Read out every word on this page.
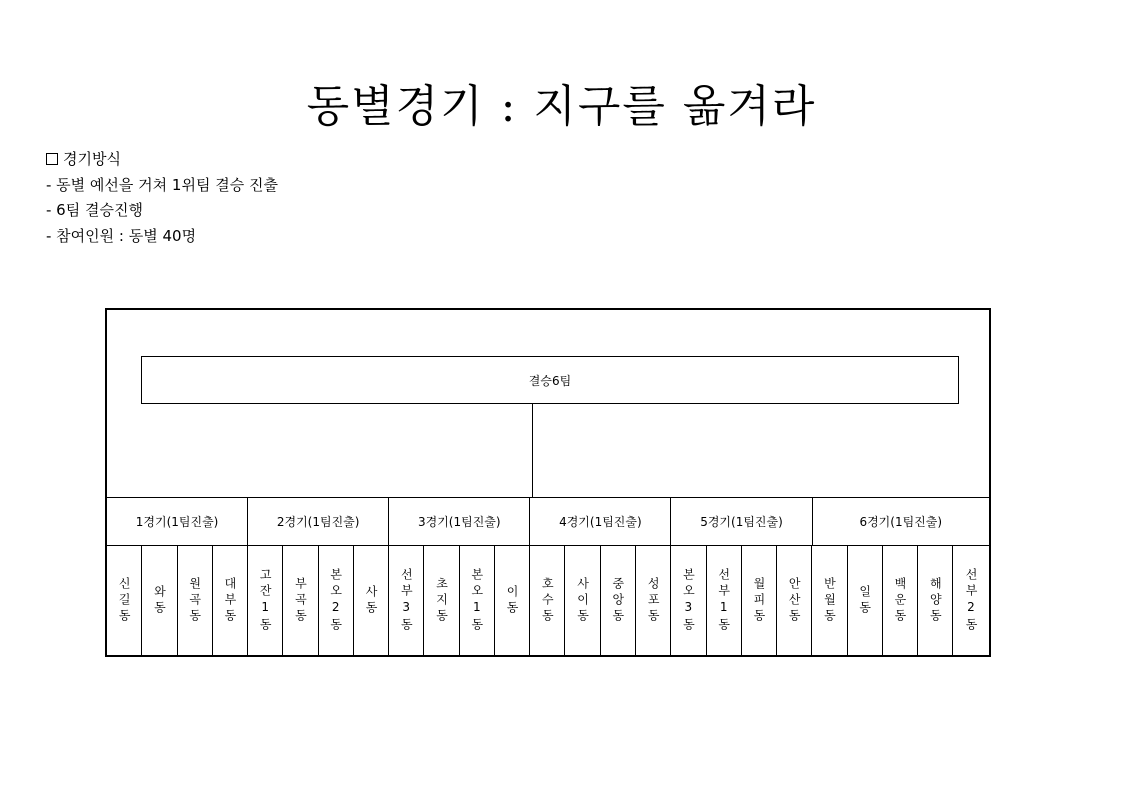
동별경기 : 지구를 옮겨라
경기방식
- 동별 예선을 거쳐 1위팀 결승 진출
- 6팀 결승진행
- 참여인원 : 동별 40명
결승6팀
1경기(1팀진출)	2경기(1팀진출)	3경기(1팀진출)	4경기(1팀진출)	5경기(1팀진출)	6경기(1팀진출)
신길동 와동 원곡동 대부동 고잔1동 부곡동 본오2동 사동 선부3동 초지동 본오1동 이동 호수동 사이동 중앙동 성포동 본오3동 선부1동 월피동 안산동 반월동 일동 백운동 해양동 선부2동
